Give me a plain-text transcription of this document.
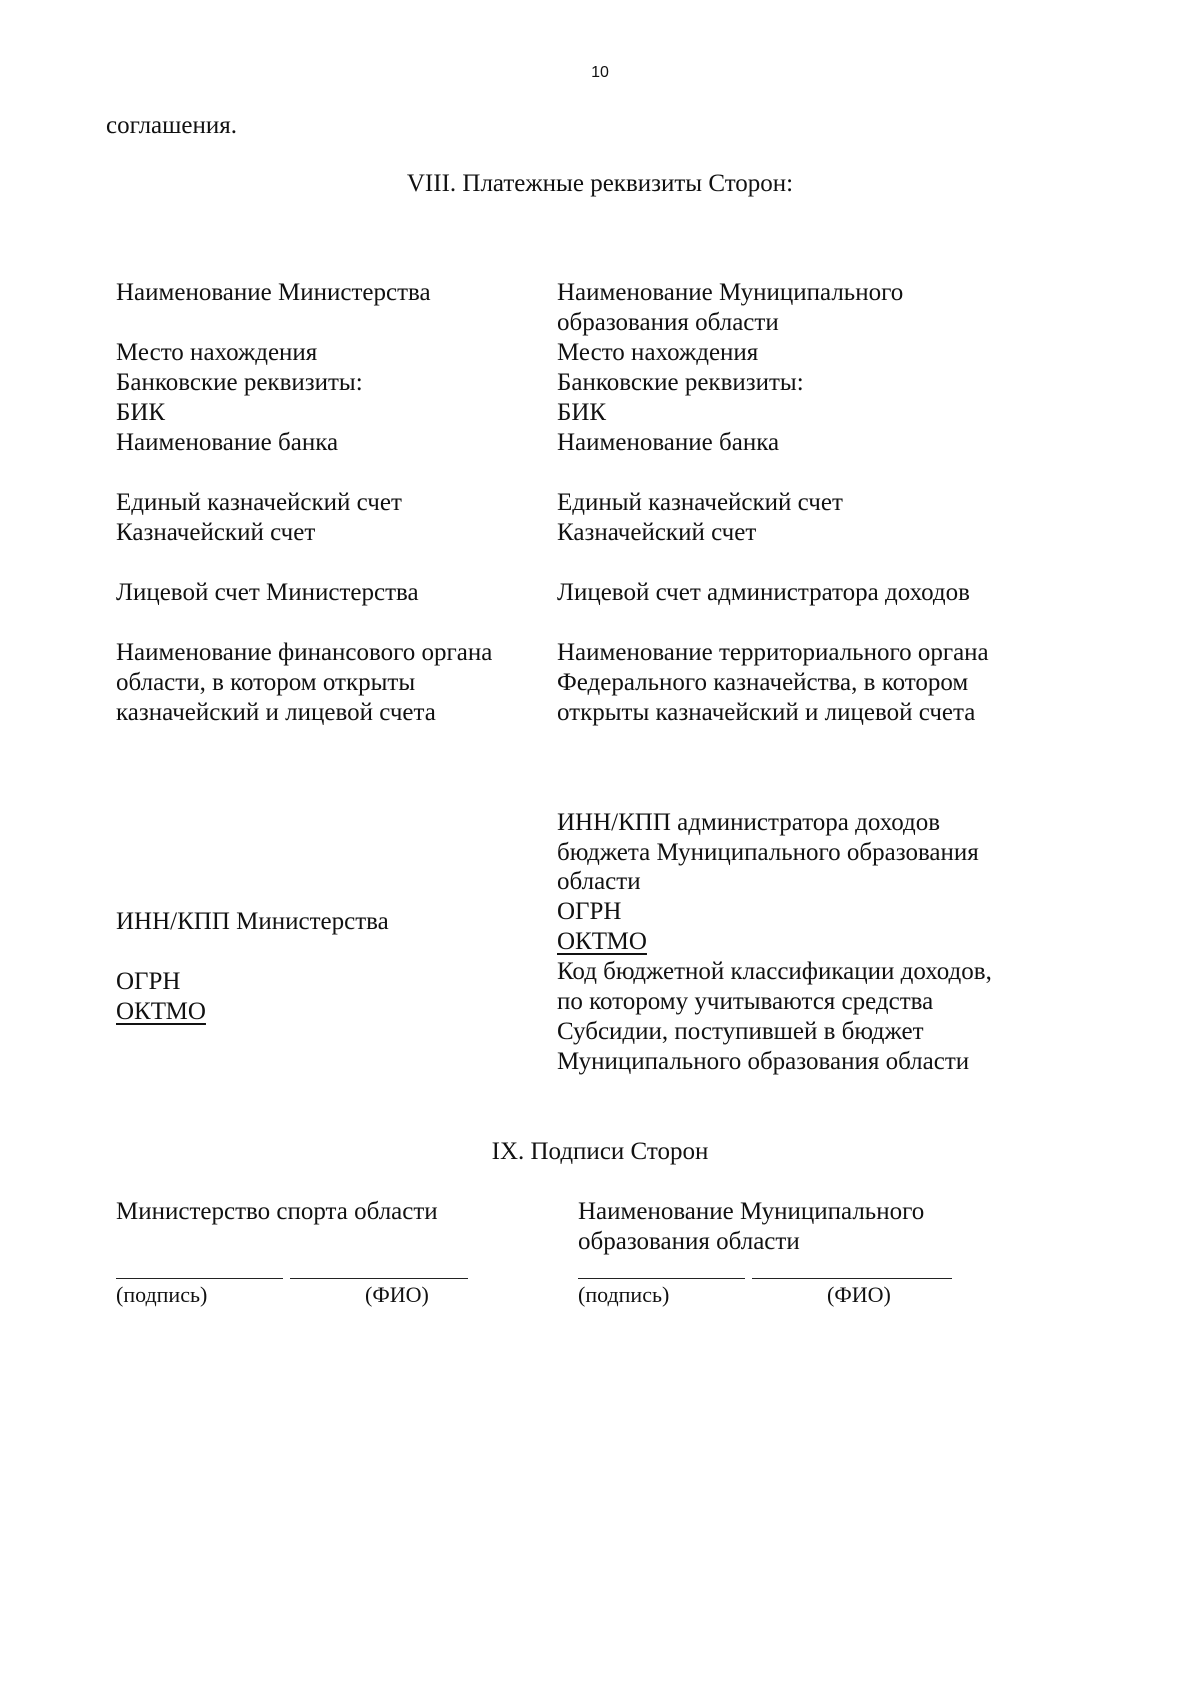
10
соглашения.
VIII. Платежные реквизиты Сторон:
Наименование Министерства
Место нахождения
Банковские реквизиты:
БИК
Наименование банка
Единый казначейский счет
Казначейский счет
Лицевой счет Министерства
Наименование финансового органа
области, в котором открыты
казначейский и лицевой счета
ИНН/КПП Министерства
ОГРН
ОКТМО
Наименование Муниципального
образования области
Место нахождения
Банковские реквизиты:
БИК
Наименование банка
Единый казначейский счет
Казначейский счет
Лицевой счет администратора доходов
Наименование территориального органа
Федерального казначейства, в котором
открыты казначейский и лицевой счета
ИНН/КПП администратора доходов
бюджета Муниципального образования
области
ОГРН
ОКТМО
Код бюджетной классификации доходов,
по которому учитываются средства
Субсидии, поступившей в бюджет
Муниципального образования области
IX. Подписи Сторон
Министерство спорта области
(подпись)	(ФИО)
Наименование Муниципального
образования области
(подпись)	(ФИО)
